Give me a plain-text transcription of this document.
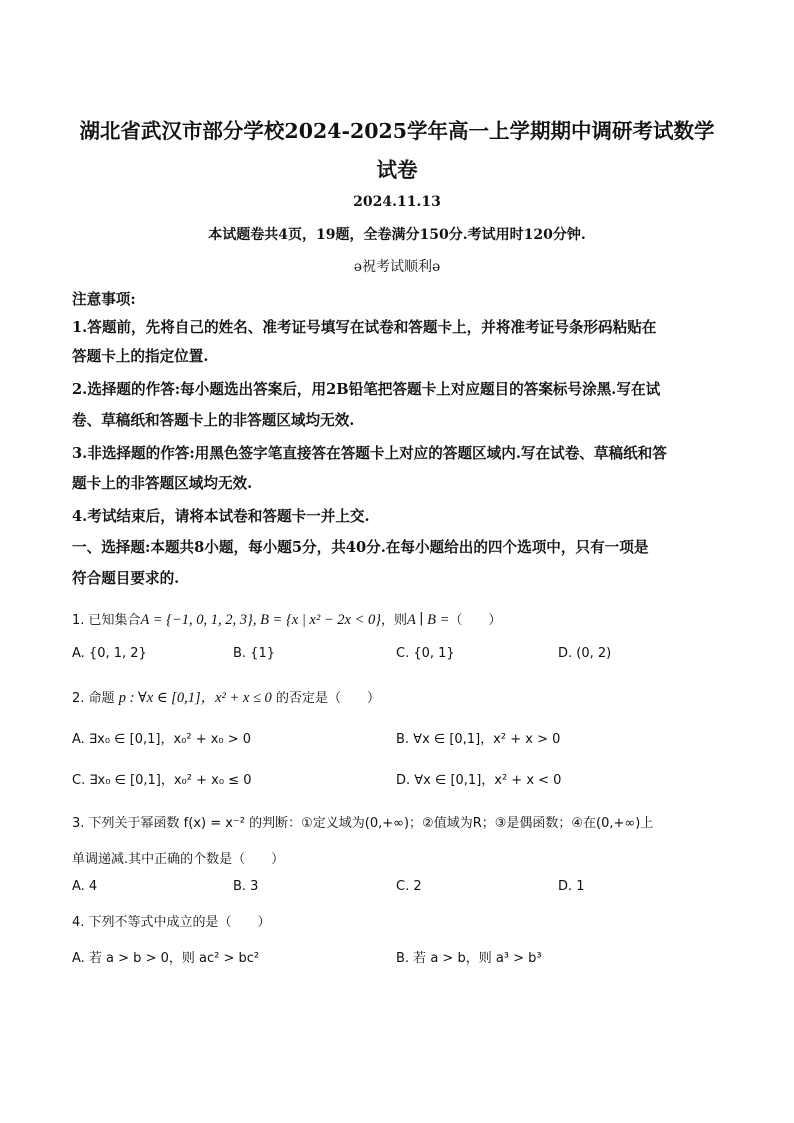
湖北省武汉市部分学校2024-2025学年高一上学期期中调研考试数学
试卷
2024.11.13
本试题卷共4页，19题，全卷满分150分.考试用时120分钟.
ə祝考试顺利ə
注意事项:
1.答题前，先将自己的姓名、准考证号填写在试卷和答题卡上，并将准考证号条形码粘贴在
答题卡上的指定位置.
2.选择题的作答:每小题选出答案后，用2B铅笔把答题卡上对应题目的答案标号涂黑.写在试
卷、草稿纸和答题卡上的非答题区域均无效.
3.非选择题的作答:用黑色签字笔直接答在答题卡上对应的答题区域内.写在试卷、草稿纸和答
题卡上的非答题区域均无效.
4.考试结束后，请将本试卷和答题卡一并上交.
一、选择题:本题共8小题，每小题5分，共40分.在每小题给出的四个选项中，只有一项是
符合题目要求的.
1. 已知集合A = {−1, 0, 1, 2, 3}, B = {x | x² − 2x < 0}，则A ∣ B =（　　）
A. {0, 1, 2}	B. {1}	C. {0, 1}	D. (0, 2)
2. 命题 p : ∀x ∈ [0,1]，x² + x ≤ 0 的否定是（　　）
A. ∃x₀ ∈ [0,1]，x₀² + x₀ > 0	B. ∀x ∈ [0,1]，x² + x > 0
C. ∃x₀ ∈ [0,1]，x₀² + x₀ ≤ 0	D. ∀x ∈ [0,1]，x² + x < 0
3. 下列关于幂函数 f(x) = x⁻² 的判断：①定义域为(0,+∞)；②值域为R；③是偶函数；④在(0,+∞)上
单调递减.其中正确的个数是（　　）
A. 4	B. 3	C. 2	D. 1
4. 下列不等式中成立的是（　　）
A. 若 a > b > 0，则 ac² > bc²	B. 若 a > b，则 a³ > b³
